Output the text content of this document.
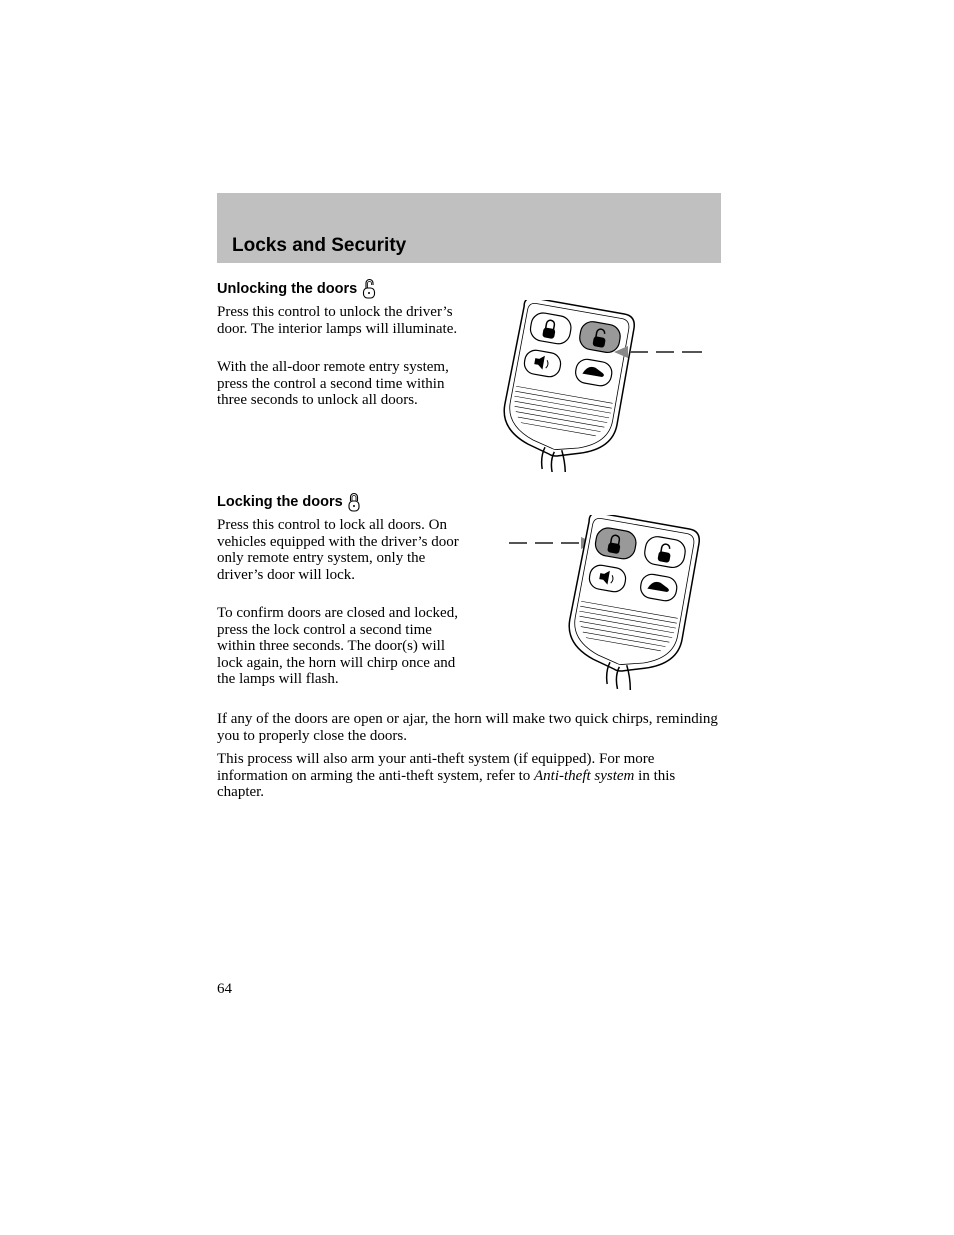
Locks and Security
Unlocking the doors

Press this control to unlock the driver’s door. The interior lamps will illuminate.

With the all-door remote entry system, press the control a second time within three seconds to unlock all doors.

Locking the doors

Press this control to lock all doors. On vehicles equipped with the driver’s door only remote entry system, only the driver’s door will lock.

To confirm doors are closed and locked, press the lock control a second time within three seconds. The door(s) will lock again, the horn will chirp once and the lamps will flash.

If any of the doors are open or ajar, the horn will make two quick chirps, reminding you to properly close the doors.

This process will also arm your anti-theft system (if equipped). For more information on arming the anti-theft system, refer to Anti-theft system in this chapter.

64
